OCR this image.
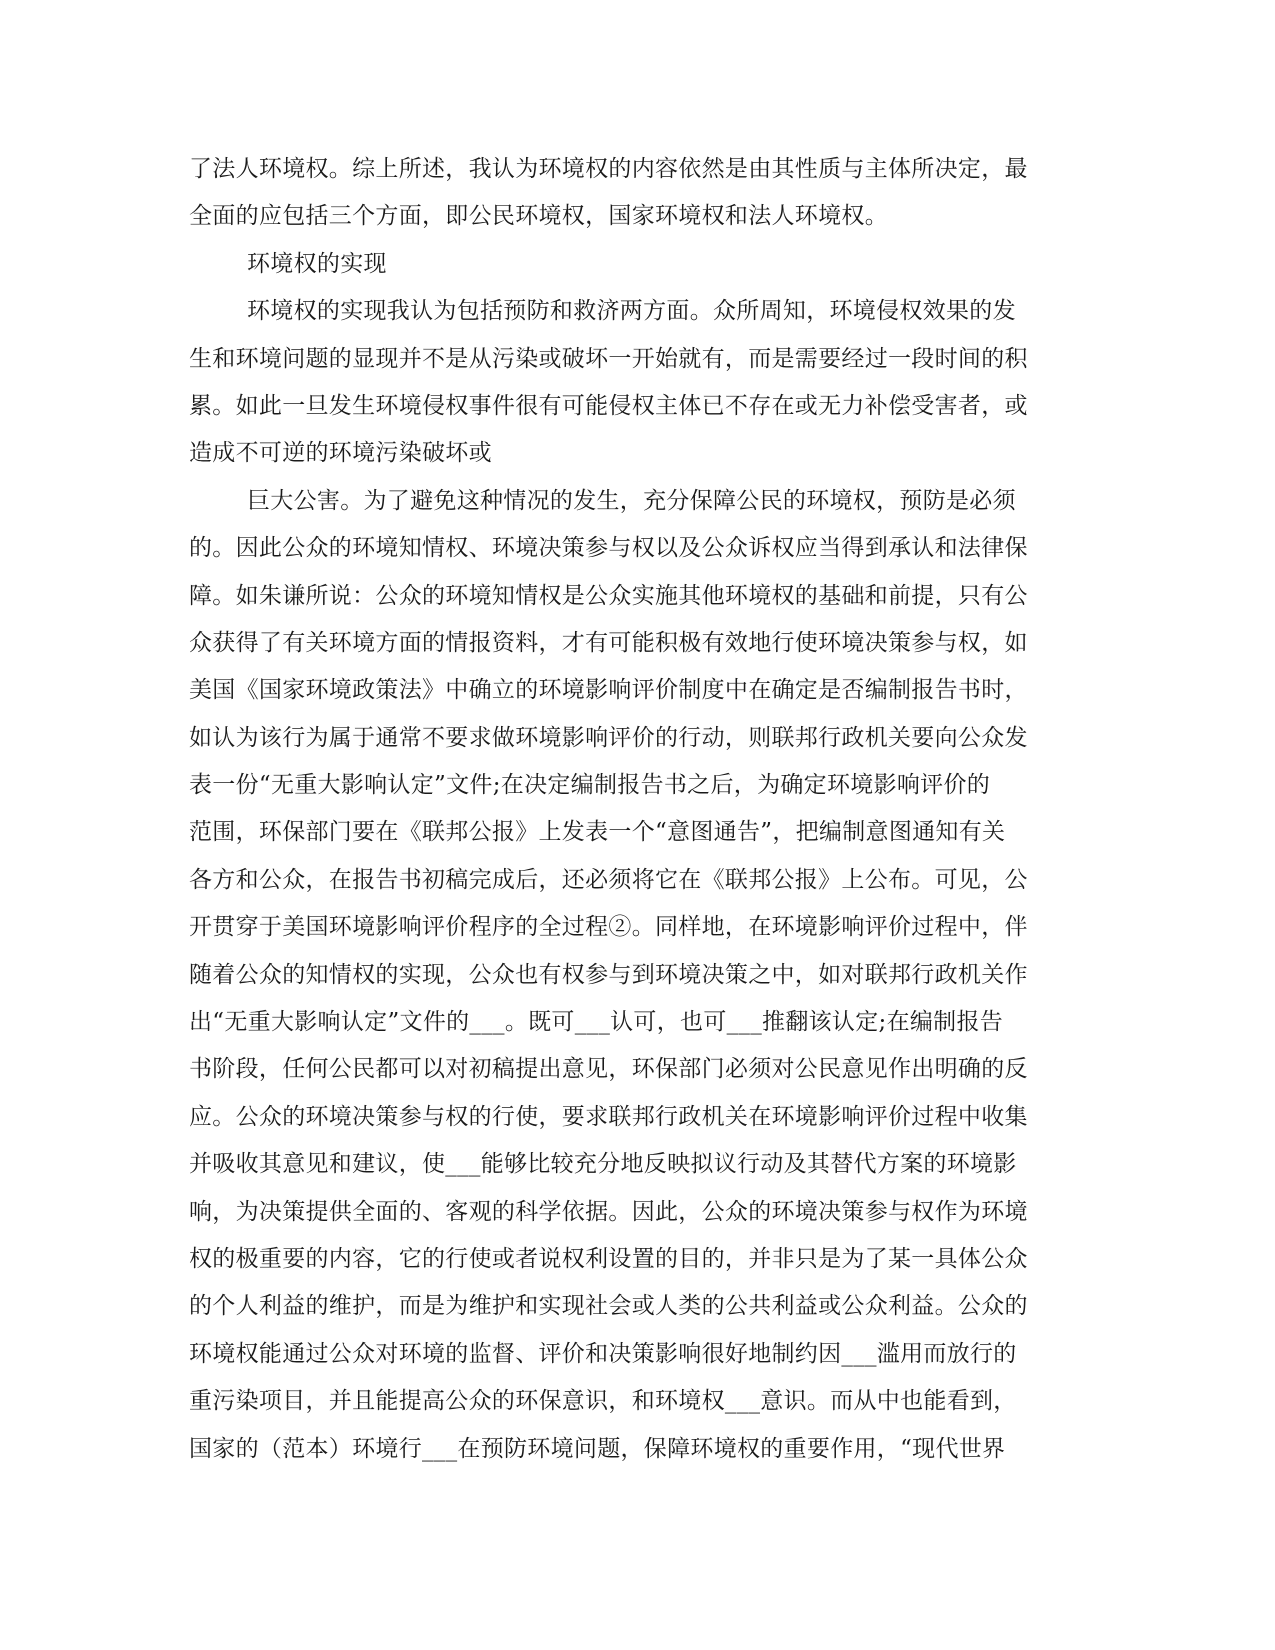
了法人环境权。综上所述，我认为环境权的内容依然是由其性质与主体所决定，最
全面的应包括三个方面，即公民环境权，国家环境权和法人环境权。
环境权的实现
环境权的实现我认为包括预防和救济两方面。众所周知，环境侵权效果的发
生和环境问题的显现并不是从污染或破坏一开始就有，而是需要经过一段时间的积
累。如此一旦发生环境侵权事件很有可能侵权主体已不存在或无力补偿受害者，或
造成不可逆的环境污染破坏或
巨大公害。为了避免这种情况的发生，充分保障公民的环境权，预防是必须
的。因此公众的环境知情权、环境决策参与权以及公众诉权应当得到承认和法律保
障。如朱谦所说：公众的环境知情权是公众实施其他环境权的基础和前提，只有公
众获得了有关环境方面的情报资料，才有可能积极有效地行使环境决策参与权，如
美国《国家环境政策法》中确立的环境影响评价制度中在确定是否编制报告书时，
如认为该行为属于通常不要求做环境影响评价的行动，则联邦行政机关要向公众发
表一份“无重大影响认定”文件;在决定编制报告书之后，为确定环境影响评价的
范围，环保部门要在《联邦公报》上发表一个“意图通告”，把编制意图通知有关
各方和公众，在报告书初稿完成后，还必须将它在《联邦公报》上公布。可见，公
开贯穿于美国环境影响评价程序的全过程②。同样地，在环境影响评价过程中，伴
随着公众的知情权的实现，公众也有权参与到环境决策之中，如对联邦行政机关作
出“无重大影响认定”文件的___。既可___认可，也可___推翻该认定;在编制报告
书阶段，任何公民都可以对初稿提出意见，环保部门必须对公民意见作出明确的反
应。公众的环境决策参与权的行使，要求联邦行政机关在环境影响评价过程中收集
并吸收其意见和建议，使___能够比较充分地反映拟议行动及其替代方案的环境影
响，为决策提供全面的、客观的科学依据。因此，公众的环境决策参与权作为环境
权的极重要的内容，它的行使或者说权利设置的目的，并非只是为了某一具体公众
的个人利益的维护，而是为维护和实现社会或人类的公共利益或公众利益。公众的
环境权能通过公众对环境的监督、评价和决策影响很好地制约因___滥用而放行的
重污染项目，并且能提高公众的环保意识，和环境权___意识。而从中也能看到，
国家的（范本）环境行___在预防环境问题，保障环境权的重要作用，“现代世界
